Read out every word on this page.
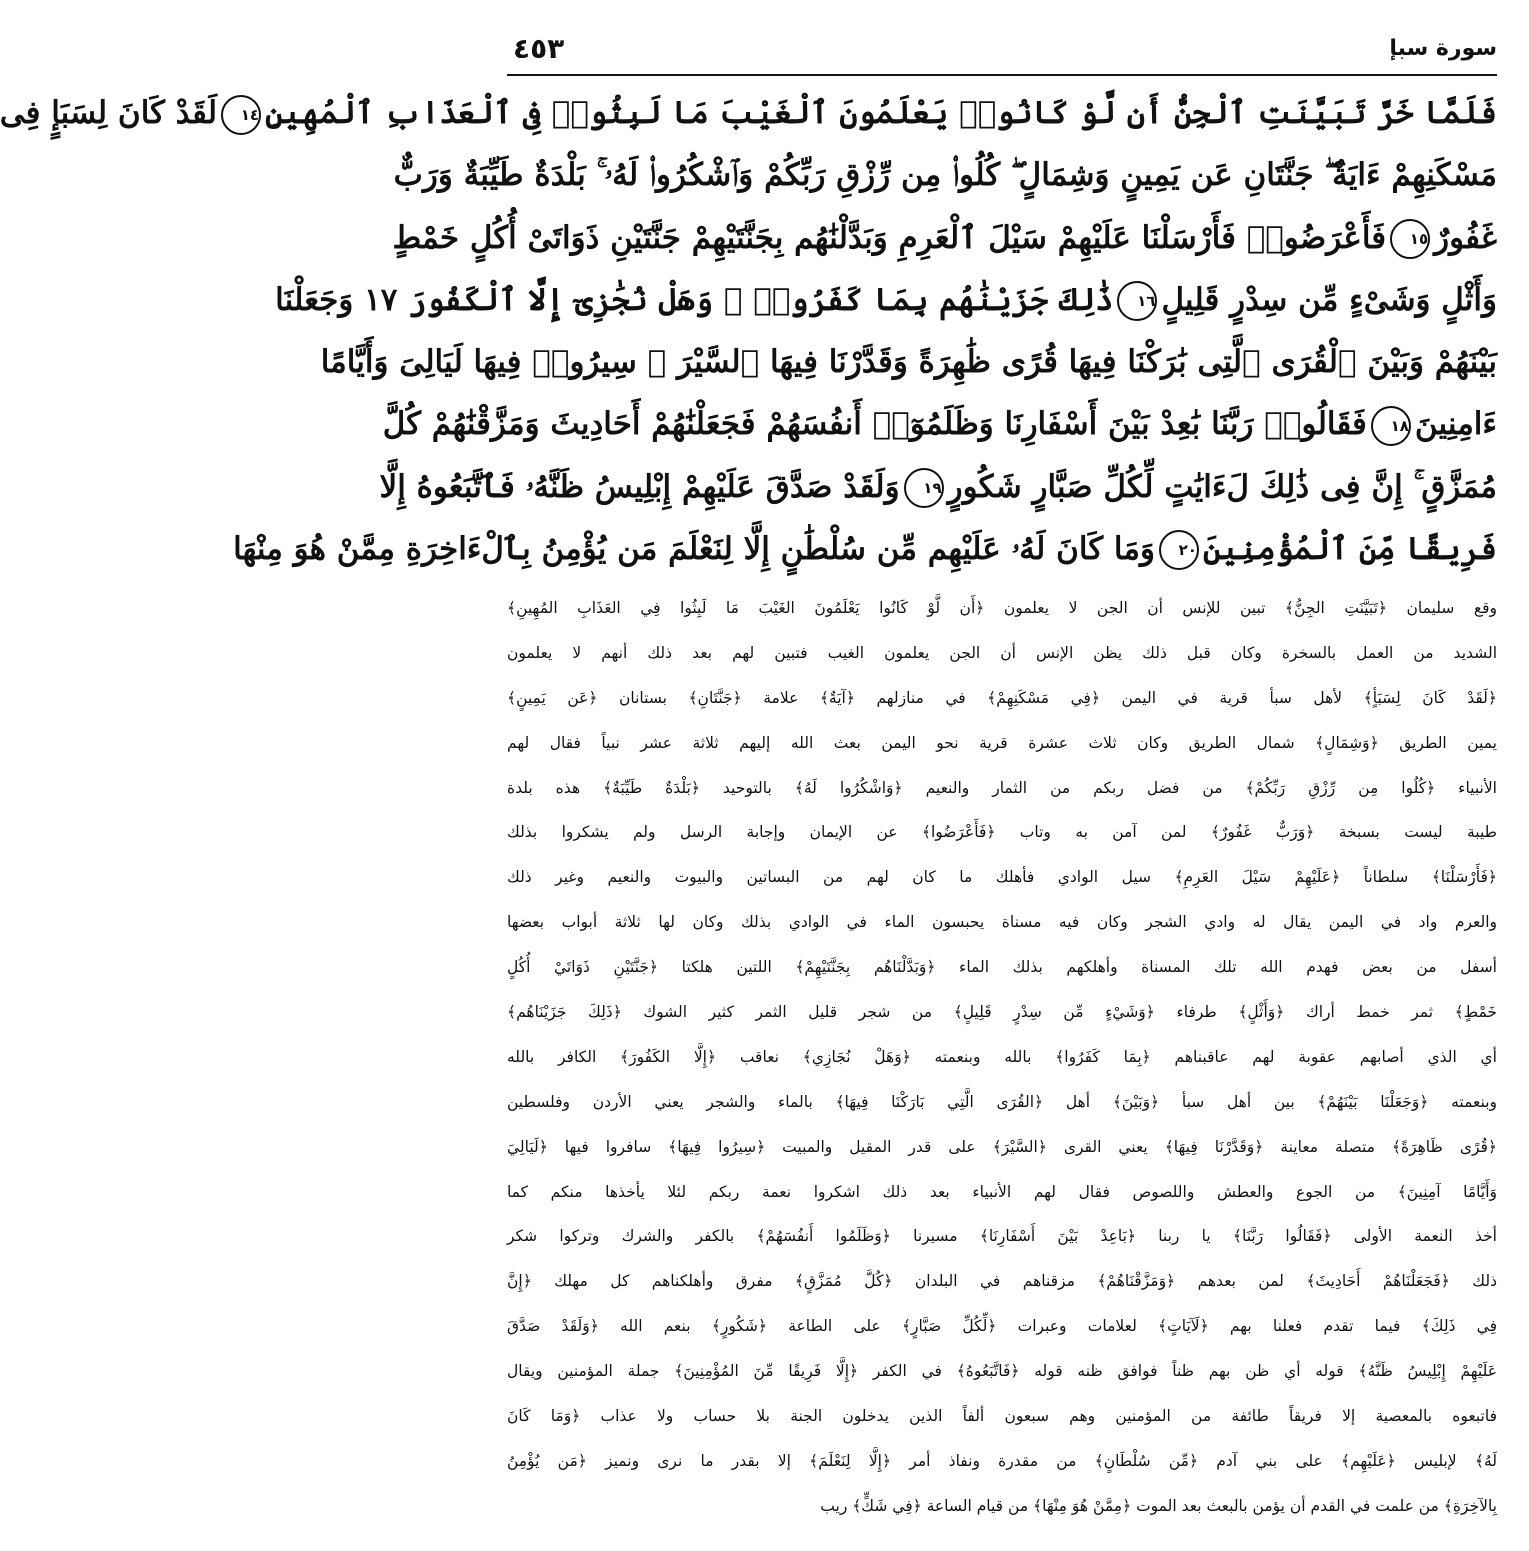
سورة سبإ
٤٥٣
فَلَمَّا خَرَّ تَبَيَّنَتِ ٱلْجِنُّ أَن لَّوْ كَانُوا۟ يَعْلَمُونَ ٱلْغَيْبَ مَا لَبِثُوا۟ فِى ٱلْعَذَابِ ٱلْمُهِينِ١٤لَقَدْ كَانَ لِسَبَإٍ فِى
مَسْكَنِهِمْ ءَايَةٌ ۖ جَنَّتَانِ عَن يَمِينٍ وَشِمَالٍ ۖ كُلُوا۟ مِن رِّزْقِ رَبِّكُمْ وَٱشْكُرُوا۟ لَهُۥ ۚ بَلْدَةٌ طَيِّبَةٌ وَرَبٌّ
غَفُورٌ١٥فَأَعْرَضُوا۟ فَأَرْسَلْنَا عَلَيْهِمْ سَيْلَ ٱلْعَرِمِ وَبَدَّلْنَٰهُم بِجَنَّتَيْهِمْ جَنَّتَيْنِ ذَوَاتَىْ أُكُلٍ خَمْطٍ
وَأَثْلٍ وَشَىْءٍ مِّن سِدْرٍ قَلِيلٍ١٦ذَٰلِكَ جَزَيْنَٰهُم بِمَا كَفَرُوا۟ ۖ وَهَلْ نُجَٰزِىٓ إِلَّا ٱلْكَفُورَ ١٧ وَجَعَلْنَا
بَيْنَهُمْ وَبَيْنَ ٱلْقُرَى ٱلَّتِى بَٰرَكْنَا فِيهَا قُرًى ظَٰهِرَةً وَقَدَّرْنَا فِيهَا ٱلسَّيْرَ ۖ سِيرُوا۟ فِيهَا لَيَالِىَ وَأَيَّامًا
ءَامِنِينَ١٨فَقَالُوا۟ رَبَّنَا بَٰعِدْ بَيْنَ أَسْفَارِنَا وَظَلَمُوٓا۟ أَنفُسَهُمْ فَجَعَلْنَٰهُمْ أَحَادِيثَ وَمَزَّقْنَٰهُمْ كُلَّ
مُمَزَّقٍ ۚ إِنَّ فِى ذَٰلِكَ لَءَايَٰتٍ لِّكُلِّ صَبَّارٍ شَكُورٍ١٩وَلَقَدْ صَدَّقَ عَلَيْهِمْ إِبْلِيسُ ظَنَّهُۥ فَٱتَّبَعُوهُ إِلَّا
فَرِيقًا مِّنَ ٱلْمُؤْمِنِينَ٢٠وَمَا كَانَ لَهُۥ عَلَيْهِم مِّن سُلْطَٰنٍ إِلَّا لِنَعْلَمَ مَن يُؤْمِنُ بِٱلْءَاخِرَةِ مِمَّنْ هُوَ مِنْهَا
وقع سليمان ﴿تَبَيَّنَتِ الجِنُّ﴾ تبين للإنس أن الجن لا يعلمون ﴿أَن لَّوْ كَانُوا يَعْلَمُونَ الغَيْبَ مَا لَبِثُوا فِي العَذَابِ المُهِينِ﴾
الشديد من العمل بالسخرة وكان قبل ذلك يظن الإنس أن الجن يعلمون الغيب فتبين لهم بعد ذلك أنهم لا يعلمون
﴿لَقَدْ كَانَ لِسَبَأٍ﴾ لأهل سبأ قرية في اليمن ﴿فِي مَسْكَنِهِمْ﴾ في منازلهم ﴿آيَةٌ﴾ علامة ﴿جَنَّتَانِ﴾ بستانان ﴿عَن يَمِينٍ﴾
يمين الطريق ﴿وَشِمَالٍ﴾ شمال الطريق وكان ثلاث عشرة قرية نحو اليمن بعث الله إليهم ثلاثة عشر نبياً فقال لهم
الأنبياء ﴿كُلُوا مِن رِّزْقِ رَبِّكُمْ﴾ من فضل ربكم من الثمار والنعيم ﴿وَاشْكُرُوا لَهُ﴾ بالتوحيد ﴿بَلْدَةٌ طَيِّبَةٌ﴾ هذه بلدة
طيبة ليست بسبخة ﴿وَرَبٌّ غَفُورٌ﴾ لمن آمن به وتاب ﴿فَأَعْرَضُوا﴾ عن الإيمان وإجابة الرسل ولم يشكروا بذلك
﴿فَأَرْسَلْنَا﴾ سلطاناً ﴿عَلَيْهِمْ سَيْلَ العَرِمِ﴾ سيل الوادي فأهلك ما كان لهم من البساتين والبيوت والنعيم وغير ذلك
والعرم واد في اليمن يقال له وادي الشجر وكان فيه مسناة يحبسون الماء في الوادي بذلك وكان لها ثلاثة أبواب بعضها
أسفل من بعض فهدم الله تلك المسناة وأهلكهم بذلك الماء ﴿وَبَدَّلْنَاهُم بِجَنَّتَيْهِمْ﴾ اللتين هلكتا ﴿جَنَّتَيْنِ ذَوَاتَيْ أُكُلٍ
خَمْطٍ﴾ ثمر خمط أراك ﴿وَأَثْلٍ﴾ طرفاء ﴿وَشَيْءٍ مِّن سِدْرٍ قَلِيلٍ﴾ من شجر قليل الثمر كثير الشوك ﴿ذَلِكَ جَزَيْنَاهُم﴾
أي الذي أصابهم عقوبة لهم عاقبناهم ﴿بِمَا كَفَرُوا﴾ بالله وبنعمته ﴿وَهَلْ نُجَازِي﴾ نعاقب ﴿إِلَّا الكَفُورَ﴾ الكافر بالله
وبنعمته ﴿وَجَعَلْنَا بَيْنَهُمْ﴾ بين أهل سبأ ﴿وَبَيْنَ﴾ أهل ﴿القُرَى الَّتِي بَارَكْنَا فِيهَا﴾ بالماء والشجر يعني الأردن وفلسطين
﴿قُرًى ظَاهِرَةً﴾ متصلة معاينة ﴿وَقَدَّرْنَا فِيهَا﴾ يعني القرى ﴿السَّيْرَ﴾ على قدر المقيل والمبيت ﴿سِيرُوا فِيهَا﴾ سافروا فيها ﴿لَيَالِيَ
وَأَيَّامًا آمِنِينَ﴾ من الجوع والعطش واللصوص فقال لهم الأنبياء بعد ذلك اشكروا نعمة ربكم لئلا يأخذها منكم كما
أخذ النعمة الأولى ﴿فَقَالُوا رَبَّنَا﴾ يا ربنا ﴿بَاعِدْ بَيْنَ أَسْفَارِنَا﴾ مسيرنا ﴿وَظَلَمُوا أَنفُسَهُمْ﴾ بالكفر والشرك وتركوا شكر
ذلك ﴿فَجَعَلْنَاهُمْ أَحَادِيثَ﴾ لمن بعدهم ﴿وَمَزَّقْنَاهُمْ﴾ مزقناهم في البلدان ﴿كُلَّ مُمَزَّقٍ﴾ مفرق وأهلكناهم كل مهلك ﴿إِنَّ
فِي ذَلِكَ﴾ فيما تقدم فعلنا بهم ﴿لَآيَاتٍ﴾ لعلامات وعبرات ﴿لِّكُلِّ صَبَّارٍ﴾ على الطاعة ﴿شَكُورٍ﴾ بنعم الله ﴿وَلَقَدْ صَدَّقَ
عَلَيْهِمْ إِبْلِيسُ ظَنَّهُ﴾ قوله أي ظن بهم ظناً فوافق ظنه قوله ﴿فَاتَّبَعُوهُ﴾ في الكفر ﴿إِلَّا فَرِيقًا مِّنَ المُؤْمِنِينَ﴾ جملة المؤمنين ويقال
فاتبعوه بالمعصية إلا فريقاً طائفة من المؤمنين وهم سبعون ألفاً الذين يدخلون الجنة بلا حساب ولا عذاب ﴿وَمَا كَانَ
لَهُ﴾ لإبليس ﴿عَلَيْهِم﴾ على بني آدم ﴿مِّن سُلْطَانٍ﴾ من مقدرة ونفاذ أمر ﴿إِلَّا لِنَعْلَمَ﴾ إلا بقدر ما نرى ونميز ﴿مَن يُؤْمِنُ
بِالآخِرَةِ﴾ من علمت في القدم أن يؤمن بالبعث بعد الموت ﴿مِمَّنْ هُوَ مِنْهَا﴾ من قيام الساعة ﴿فِي شَكٍّ﴾ ريب
